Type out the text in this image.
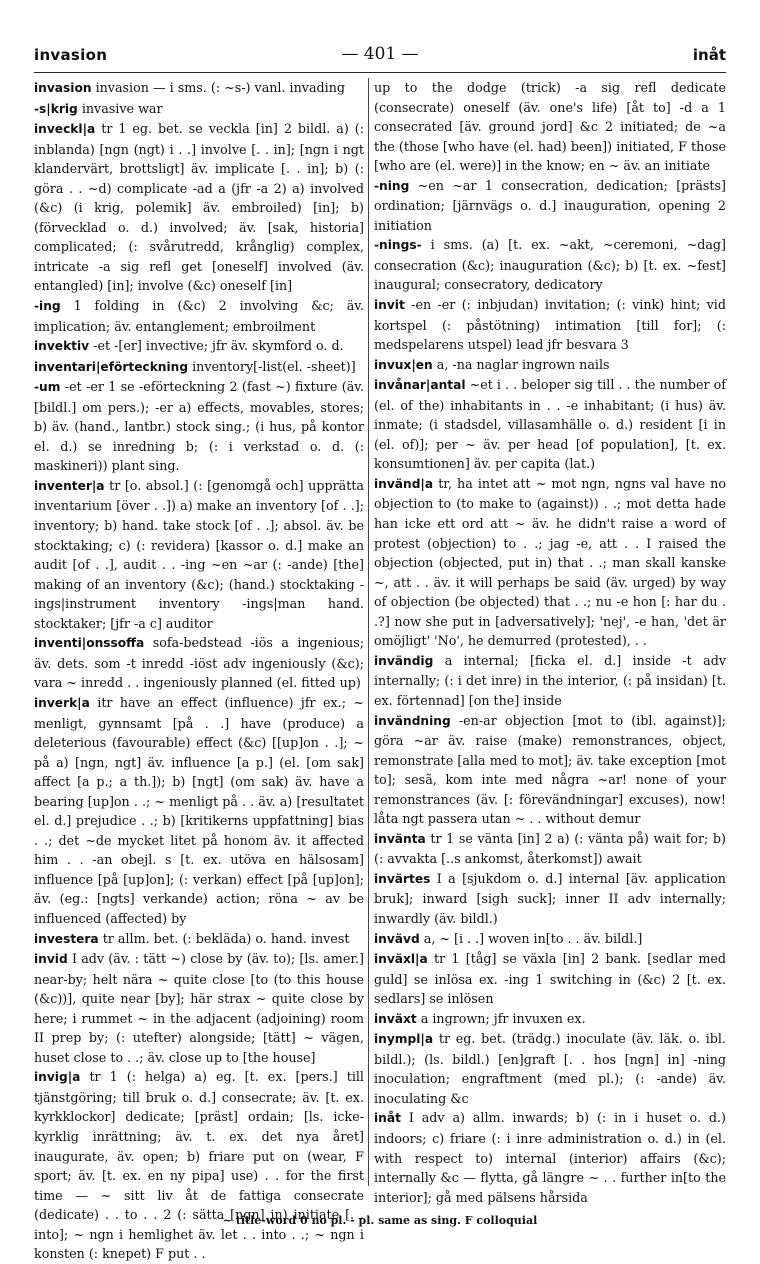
invasion	— 401 —	inåt

invasion invasion — i sms. (: ~s-) vanl. invading

-s|krig invasive war

inveckl|a tr 1 eg. bet. se veckla [in] 2 bildl. a) (: inblanda) [ngn (ngt) i . .] involve [. . in]; [ngn i ngt klandervärt, brottsligt] äv. implicate [. . in]; b) (: göra . . ~d) complicate -ad a (jfr -a 2) a) involved (&c) (i krig, polemik] äv. embroiled) [in]; b) (förvecklad o. d.) involved; äv. [sak, historia] complicated; (: svårutredd, krånglig) complex, intricate -a sig refl get [oneself] involved (äv. entangled) [in]; involve (&c) oneself [in]

-ing 1 folding in (&c) 2 involving &c; äv. implication; äv. entanglement; embroilment

invektiv -et -[er] invective; jfr äv. skymford o. d.

inventari|eförteckning inventory[-list(el. -sheet)]

-um -et -er 1 se -eförteckning 2 (fast ~) fixture (äv. [bildl.] om pers.); -er a) effects, movables, stores; b) äv. (hand., lantbr.) stock sing.; (i hus, på kontor el. d.) se inredning b; (: i verkstad o. d. (: maskineri)) plant sing.

inventer|a tr [o. absol.] (: [genomgå och] upprätta inventarium [över . .]) a) make an inventory [of . .]; inventory; b) hand. take stock [of . .]; absol. äv. be stocktaking; c) (: revidera) [kassor o. d.] make an audit [of . .], audit . . -ing ~en ~ar (: -ande) [the] making of an inventory (&c); (hand.) stocktaking -ings|instrument inventory -ings|man hand. stocktaker; [jfr -a c] auditor

inventi|onssoffa sofa-bedstead -iös a ingenious; äv. dets. som -t inredd -iöst adv ingeniously (&c); vara ~ inredd . . ingeniously planned (el. fitted up)

inverk|a itr have an effect (influence) jfr ex.; ~ menligt, gynnsamt [på . .] have (produce) a deleterious (favourable) effect (&c) [[up]on . .]; ~ på a) [ngn, ngt] äv. influence [a p.] (el. [om sak] affect [a p.; a th.]); b) [ngt] (om sak) äv. have a bearing [up]on . .; ~ menligt på . . äv. a) [resultatet el. d.] prejudice . .; b) [kritikerns uppfattning] bias . .; det ~de mycket litet på honom äv. it affected him . . -an obejl. s [t. ex. utöva en hälsosam] influence [på [up]on]; (: verkan) effect [på [up]on]; äv. (eg.: [ngts] verkande) action; röna ~ av be influenced (affected) by

investera tr allm. bet. (: bekläda) o. hand. invest

invid I adv (äv. : tätt ~) close by (äv. to); [ls. amer.] near-by; helt nära ~ quite close [to (to this house (&c))], quite near [by]; här strax ~ quite close by here; i rummet ~ in the adjacent (adjoining) room II prep by; (: utefter) alongside; [tätt] ~ vägen, huset close to . .; äv. close up to [the house]

invig|a tr 1 (: helga) a) eg. [t. ex. [pers.] till tjänstgöring; till bruk o. d.] consecrate; äv. [t. ex. kyrkklockor] dedicate; [präst] ordain; [ls. icke-kyrklig inrättning; äv. t. ex. det nya året] inaugurate, äv. open; b) friare put on (wear, F sport; äv. [t. ex. en ny pipa] use) . . for the first time — ~ sitt liv åt de fattiga consecrate (dedicate) . . to . . 2 (: sätta [ngn] in) initiate [. . into]; ~ ngn i hemlighet äv. let . . into . .; ~ ngn i konsten (: knepet) F put . .

up to the dodge (trick) -a sig refl dedicate (consecrate) oneself (äv. one's life) [åt to] -d a 1 consecrated [äv. ground jord] &c 2 initiated; de ~a the (those [who have (el. had) been]) initiated, F those [who are (el. were)] in the know; en ~ äv. an initiate

-ning ~en ~ar 1 consecration, dedication; [prästs] ordination; [järnvägs o. d.] inauguration, opening 2 initiation

-nings- i sms. (a) [t. ex. ~akt, ~ceremoni, ~dag] consecration (&c); inauguration (&c); b) [t. ex. ~fest] inaugural; consecratory, dedicatory

invit -en -er (: inbjudan) invitation; (: vink) hint; vid kortspel (: påstötning) intimation [till for]; (: medspelarens utspel) lead jfr besvara 3

invux|en a, -na naglar ingrown nails

invånar|antal ~et i . . beloper sig till . . the number of (el. of the) inhabitants in . . -e inhabitant; (i hus) äv. inmate; (i stadsdel, villasamhälle o. d.) resident [i in (el. of)]; per ~ äv. per head [of population], [t. ex. konsumtionen] äv. per capita (lat.)

invänd|a tr, ha intet att ~ mot ngn, ngns val have no objection to (to make to (against)) . .; mot detta hade han icke ett ord att ~ äv. he didn't raise a word of protest (objection) to . .; jag -e, att . . I raised the objection (objected, put in) that . .; man skall kanske ~, att . . äv. it will perhaps be said (äv. urged) by way of objection (be objected) that . .; nu -e hon [: har du . .?] now she put in [adversatively]; 'nej', -e han, 'det är omöjligt' 'No', he demurred (protested), . .

invändig a internal; [ficka el. d.] inside -t adv internally; (: i det inre) in the interior, (: på insidan) [t. ex. förtennad] [on the] inside

invändning -en-ar objection [mot to (ibl. against)]; göra ~ar äv. raise (make) remonstrances, object, remonstrate [alla med to mot]; äv. take exception [mot to]; sesã, kom inte med några ~ar! none of your remonstrances (äv. [: förevändningar] excuses), now! låta ngt passera utan ~ . . without demur

invänta tr 1 se vänta [in] 2 a) (: vänta på) wait for; b) (: avvakta [..s ankomst, återkomst]) await

invärtes I a [sjukdom o. d.] internal [äv. application bruk]; inward [sigh suck]; inner II adv internally; inwardly (äv. bildl.)

invävd a, ~ [i . .] woven in[to . . äv. bildl.]

inväxl|a tr 1 [tåg] se växla [in] 2 bank. [sedlar med guld] se inlösa ex. -ing 1 switching in (&c) 2 [t. ex. sedlars] se inlösen

inväxt a ingrown; jfr invuxen ex.

inympl|a tr eg. bet. (trädg.) inoculate (äv. läk. o. ibl. bildl.); (ls. bildl.) [en]graft [. . hos [ngn] in] -ning inoculation; engraftment (med pl.); (: -ande) äv. inoculating &c

inåt I adv a) allm. inwards; b) (: in i huset o. d.) indoors; c) friare (: i inre administration o. d.) in (el. with respect to) internal (interior) affairs (&c); internally &c — flytta, gå längre ~ . . further in[to the interior]; gå med pälsens hårsida

~ title-word 0 no pl. - pl. same as sing. F colloquial
